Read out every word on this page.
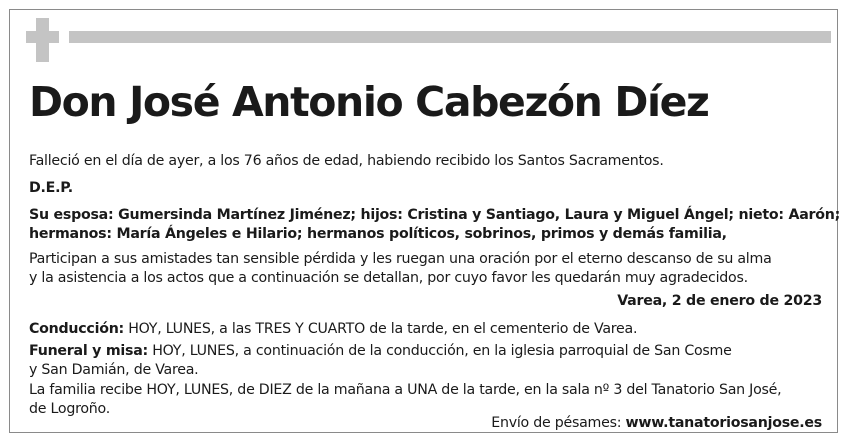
Don José Antonio Cabezón Díez

Falleció en el día de ayer, a los 76 años de edad, habiendo recibido los Santos Sacramentos.

D.E.P.

Su esposa: Gumersinda Martínez Jiménez; hijos: Cristina y Santiago, Laura y Miguel Ángel; nieto: Aarón;

hermanos: María Ángeles e Hilario; hermanos políticos, sobrinos, primos y demás familia,

Participan a sus amistades tan sensible pérdida y les ruegan una oración por el eterno descanso de su alma

y la asistencia a los actos que a continuación se detallan, por cuyo favor les quedarán muy agradecidos.

Varea, 2 de enero de 2023

Conducción: HOY, LUNES, a las TRES Y CUARTO de la tarde, en el cementerio de Varea.

Funeral y misa: HOY, LUNES, a continuación de la conducción, en la iglesia parroquial de San Cosme

y San Damián, de Varea.

La familia recibe HOY, LUNES, de DIEZ de la mañana a UNA de la tarde, en la sala nº 3 del Tanatorio San José,

de Logroño.

Envío de pésames: www.tanatoriosanjose.es
